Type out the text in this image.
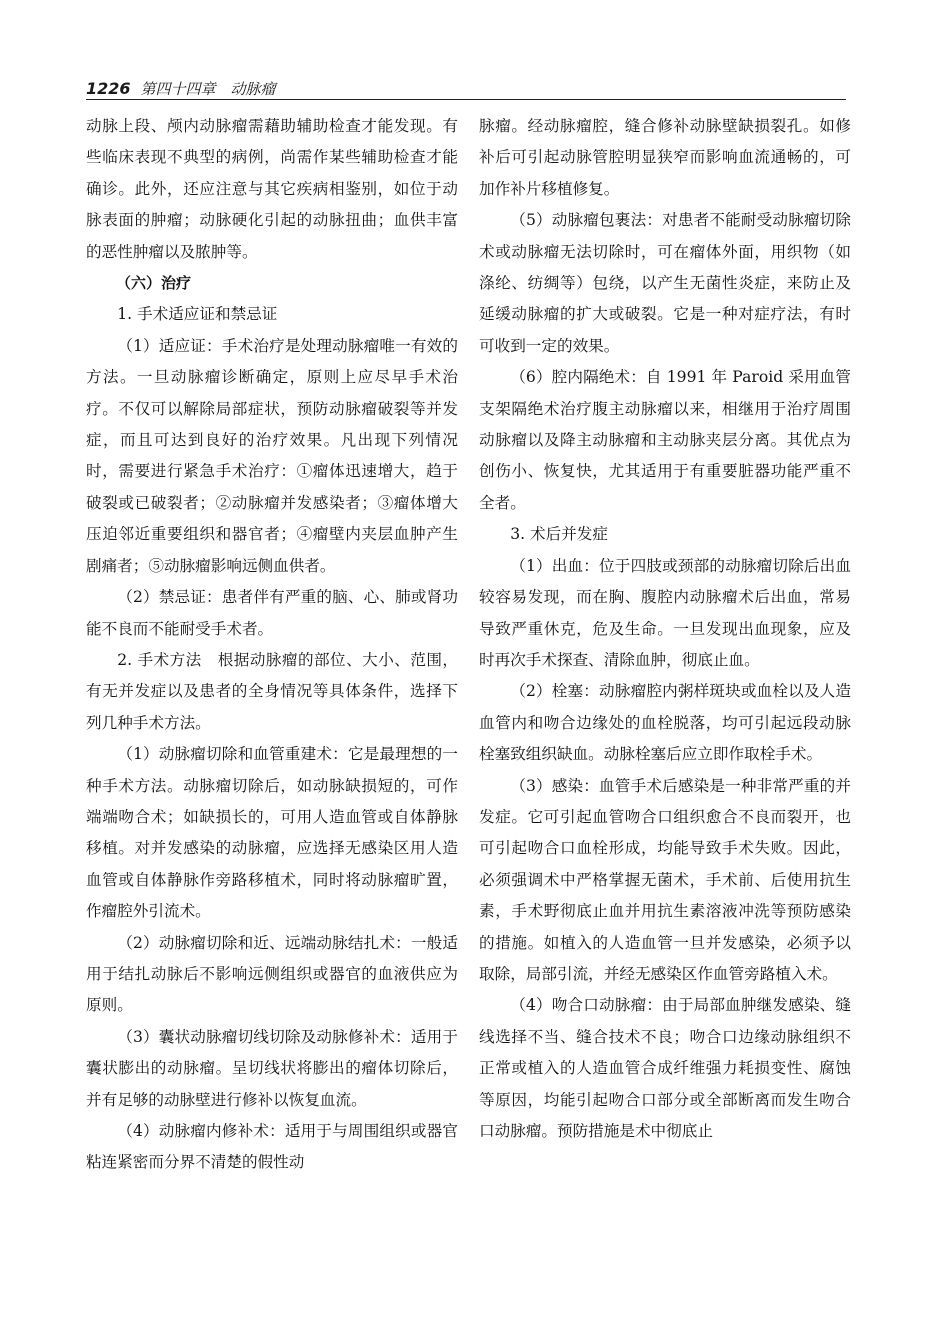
1226 第四十四章　动脉瘤

动脉上段、颅内动脉瘤需藉助辅助检查才能发现。有些临床表现不典型的病例，尚需作某些辅助检查才能确诊。此外，还应注意与其它疾病相鉴别，如位于动脉表面的肿瘤；动脉硬化引起的动脉扭曲；血供丰富的恶性肿瘤以及脓肿等。

（六）治疗

1. 手术适应证和禁忌证

（1）适应证：手术治疗是处理动脉瘤唯一有效的方法。一旦动脉瘤诊断确定，原则上应尽早手术治疗。不仅可以解除局部症状，预防动脉瘤破裂等并发症，而且可达到良好的治疗效果。凡出现下列情况时，需要进行紧急手术治疗：①瘤体迅速增大，趋于破裂或已破裂者；②动脉瘤并发感染者；③瘤体增大压迫邻近重要组织和器官者；④瘤壁内夹层血肿产生剧痛者；⑤动脉瘤影响远侧血供者。

（2）禁忌证：患者伴有严重的脑、心、肺或肾功能不良而不能耐受手术者。

2. 手术方法　根据动脉瘤的部位、大小、范围，有无并发症以及患者的全身情况等具体条件，选择下列几种手术方法。

（1）动脉瘤切除和血管重建术：它是最理想的一种手术方法。动脉瘤切除后，如动脉缺损短的，可作端端吻合术；如缺损长的，可用人造血管或自体静脉移植。对并发感染的动脉瘤，应选择无感染区用人造血管或自体静脉作旁路移植术，同时将动脉瘤旷置，作瘤腔外引流术。

（2）动脉瘤切除和近、远端动脉结扎术：一般适用于结扎动脉后不影响远侧组织或器官的血液供应为原则。

（3）囊状动脉瘤切线切除及动脉修补术：适用于囊状膨出的动脉瘤。呈切线状将膨出的瘤体切除后，并有足够的动脉壁进行修补以恢复血流。

（4）动脉瘤内修补术：适用于与周围组织或器官粘连紧密而分界不清楚的假性动

脉瘤。经动脉瘤腔，缝合修补动脉壁缺损裂孔。如修补后可引起动脉管腔明显狭窄而影响血流通畅的，可加作补片移植修复。

（5）动脉瘤包裹法：对患者不能耐受动脉瘤切除术或动脉瘤无法切除时，可在瘤体外面，用织物（如涤纶、纺绸等）包绕，以产生无菌性炎症，来防止及延缓动脉瘤的扩大或破裂。它是一种对症疗法，有时可收到一定的效果。

（6）腔内隔绝术：自 1991 年 Paroid 采用血管支架隔绝术治疗腹主动脉瘤以来，相继用于治疗周围动脉瘤以及降主动脉瘤和主动脉夹层分离。其优点为创伤小、恢复快，尤其适用于有重要脏器功能严重不全者。

3. 术后并发症

（1）出血：位于四肢或颈部的动脉瘤切除后出血较容易发现，而在胸、腹腔内动脉瘤术后出血，常易导致严重休克，危及生命。一旦发现出血现象，应及时再次手术探查、清除血肿，彻底止血。

（2）栓塞：动脉瘤腔内粥样斑块或血栓以及人造血管内和吻合边缘处的血栓脱落，均可引起远段动脉栓塞致组织缺血。动脉栓塞后应立即作取栓手术。

（3）感染：血管手术后感染是一种非常严重的并发症。它可引起血管吻合口组织愈合不良而裂开，也可引起吻合口血栓形成，均能导致手术失败。因此，必须强调术中严格掌握无菌术，手术前、后使用抗生素，手术野彻底止血并用抗生素溶液冲洗等预防感染的措施。如植入的人造血管一旦并发感染，必须予以取除，局部引流，并经无感染区作血管旁路植入术。

（4）吻合口动脉瘤：由于局部血肿继发感染、缝线选择不当、缝合技术不良；吻合口边缘动脉组织不正常或植入的人造血管合成纤维强力耗损变性、腐蚀等原因，均能引起吻合口部分或全部断离而发生吻合口动脉瘤。预防措施是术中彻底止
